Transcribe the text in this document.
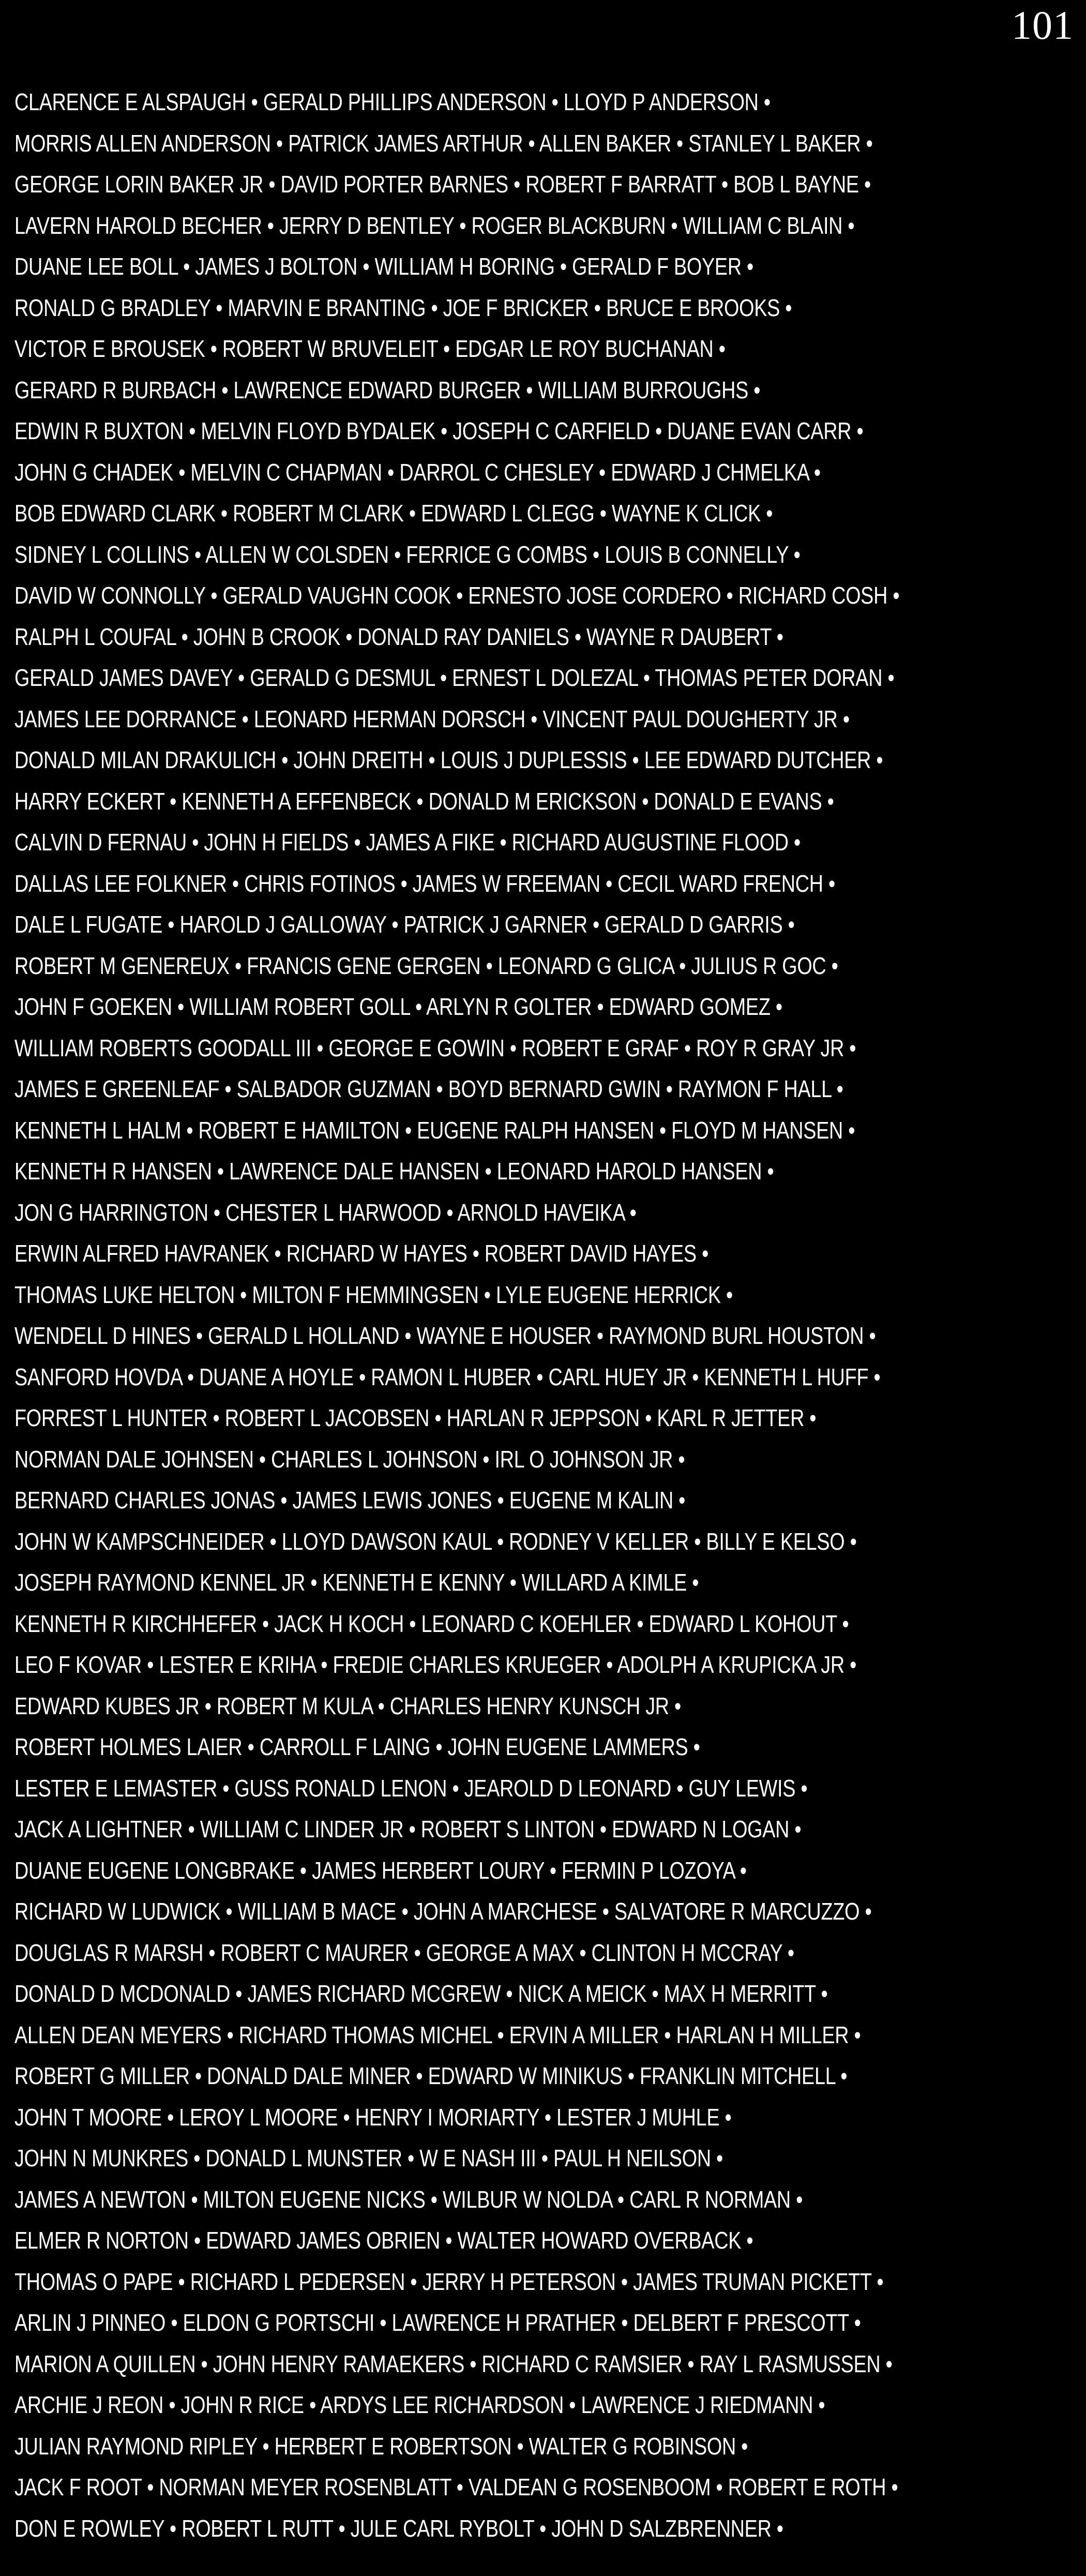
101
CLARENCE E ALSPAUGH • GERALD PHILLIPS ANDERSON • LLOYD P ANDERSON •
MORRIS ALLEN ANDERSON • PATRICK JAMES ARTHUR • ALLEN BAKER • STANLEY L BAKER •
GEORGE LORIN BAKER JR • DAVID PORTER BARNES • ROBERT F BARRATT • BOB L BAYNE •
LAVERN HAROLD BECHER • JERRY D BENTLEY • ROGER BLACKBURN • WILLIAM C BLAIN •
DUANE LEE BOLL • JAMES J BOLTON • WILLIAM H BORING • GERALD F BOYER •
RONALD G BRADLEY • MARVIN E BRANTING • JOE F BRICKER • BRUCE E BROOKS •
VICTOR E BROUSEK • ROBERT W BRUVELEIT • EDGAR LE ROY BUCHANAN •
GERARD R BURBACH • LAWRENCE EDWARD BURGER • WILLIAM BURROUGHS •
EDWIN R BUXTON • MELVIN FLOYD BYDALEK • JOSEPH C CARFIELD • DUANE EVAN CARR •
JOHN G CHADEK • MELVIN C CHAPMAN • DARROL C CHESLEY • EDWARD J CHMELKA •
BOB EDWARD CLARK • ROBERT M CLARK • EDWARD L CLEGG • WAYNE K CLICK •
SIDNEY L COLLINS • ALLEN W COLSDEN • FERRICE G COMBS • LOUIS B CONNELLY •
DAVID W CONNOLLY • GERALD VAUGHN COOK • ERNESTO JOSE CORDERO • RICHARD COSH •
RALPH L COUFAL • JOHN B CROOK • DONALD RAY DANIELS • WAYNE R DAUBERT •
GERALD JAMES DAVEY • GERALD G DESMUL • ERNEST L DOLEZAL • THOMAS PETER DORAN •
JAMES LEE DORRANCE • LEONARD HERMAN DORSCH • VINCENT PAUL DOUGHERTY JR •
DONALD MILAN DRAKULICH • JOHN DREITH • LOUIS J DUPLESSIS • LEE EDWARD DUTCHER •
HARRY ECKERT • KENNETH A EFFENBECK • DONALD M ERICKSON • DONALD E EVANS •
CALVIN D FERNAU • JOHN H FIELDS • JAMES A FIKE • RICHARD AUGUSTINE FLOOD •
DALLAS LEE FOLKNER • CHRIS FOTINOS • JAMES W FREEMAN • CECIL WARD FRENCH •
DALE L FUGATE • HAROLD J GALLOWAY • PATRICK J GARNER • GERALD D GARRIS •
ROBERT M GENEREUX • FRANCIS GENE GERGEN • LEONARD G GLICA • JULIUS R GOC •
JOHN F GOEKEN • WILLIAM ROBERT GOLL • ARLYN R GOLTER • EDWARD GOMEZ •
WILLIAM ROBERTS GOODALL III • GEORGE E GOWIN • ROBERT E GRAF • ROY R GRAY JR •
JAMES E GREENLEAF • SALBADOR GUZMAN • BOYD BERNARD GWIN • RAYMON F HALL •
KENNETH L HALM • ROBERT E HAMILTON • EUGENE RALPH HANSEN • FLOYD M HANSEN •
KENNETH R HANSEN • LAWRENCE DALE HANSEN • LEONARD HAROLD HANSEN •
JON G HARRINGTON • CHESTER L HARWOOD • ARNOLD HAVEIKA •
ERWIN ALFRED HAVRANEK • RICHARD W HAYES • ROBERT DAVID HAYES •
THOMAS LUKE HELTON • MILTON F HEMMINGSEN • LYLE EUGENE HERRICK •
WENDELL D HINES • GERALD L HOLLAND • WAYNE E HOUSER • RAYMOND BURL HOUSTON •
SANFORD HOVDA • DUANE A HOYLE • RAMON L HUBER • CARL HUEY JR • KENNETH L HUFF •
FORREST L HUNTER • ROBERT L JACOBSEN • HARLAN R JEPPSON • KARL R JETTER •
NORMAN DALE JOHNSEN • CHARLES L JOHNSON • IRL O JOHNSON JR •
BERNARD CHARLES JONAS • JAMES LEWIS JONES • EUGENE M KALIN •
JOHN W KAMPSCHNEIDER • LLOYD DAWSON KAUL • RODNEY V KELLER • BILLY E KELSO •
JOSEPH RAYMOND KENNEL JR • KENNETH E KENNY • WILLARD A KIMLE •
KENNETH R KIRCHHEFER • JACK H KOCH • LEONARD C KOEHLER • EDWARD L KOHOUT •
LEO F KOVAR • LESTER E KRIHA • FREDIE CHARLES KRUEGER • ADOLPH A KRUPICKA JR •
EDWARD KUBES JR • ROBERT M KULA • CHARLES HENRY KUNSCH JR •
ROBERT HOLMES LAIER • CARROLL F LAING • JOHN EUGENE LAMMERS •
LESTER E LEMASTER • GUSS RONALD LENON • JEAROLD D LEONARD • GUY LEWIS •
JACK A LIGHTNER • WILLIAM C LINDER JR • ROBERT S LINTON • EDWARD N LOGAN •
DUANE EUGENE LONGBRAKE • JAMES HERBERT LOURY • FERMIN P LOZOYA •
RICHARD W LUDWICK • WILLIAM B MACE • JOHN A MARCHESE • SALVATORE R MARCUZZO •
DOUGLAS R MARSH • ROBERT C MAURER • GEORGE A MAX • CLINTON H MCCRAY •
DONALD D MCDONALD • JAMES RICHARD MCGREW • NICK A MEICK • MAX H MERRITT •
ALLEN DEAN MEYERS • RICHARD THOMAS MICHEL • ERVIN A MILLER • HARLAN H MILLER •
ROBERT G MILLER • DONALD DALE MINER • EDWARD W MINIKUS • FRANKLIN MITCHELL •
JOHN T MOORE • LEROY L MOORE • HENRY I MORIARTY • LESTER J MUHLE •
JOHN N MUNKRES • DONALD L MUNSTER • W E NASH III • PAUL H NEILSON •
JAMES A NEWTON • MILTON EUGENE NICKS • WILBUR W NOLDA • CARL R NORMAN •
ELMER R NORTON • EDWARD JAMES OBRIEN • WALTER HOWARD OVERBACK •
THOMAS O PAPE • RICHARD L PEDERSEN • JERRY H PETERSON • JAMES TRUMAN PICKETT •
ARLIN J PINNEO • ELDON G PORTSCHI • LAWRENCE H PRATHER • DELBERT F PRESCOTT •
MARION A QUILLEN • JOHN HENRY RAMAEKERS • RICHARD C RAMSIER • RAY L RASMUSSEN •
ARCHIE J REON • JOHN R RICE • ARDYS LEE RICHARDSON • LAWRENCE J RIEDMANN •
JULIAN RAYMOND RIPLEY • HERBERT E ROBERTSON • WALTER G ROBINSON •
JACK F ROOT • NORMAN MEYER ROSENBLATT • VALDEAN G ROSENBOOM • ROBERT E ROTH •
DON E ROWLEY • ROBERT L RUTT • JULE CARL RYBOLT • JOHN D SALZBRENNER •
